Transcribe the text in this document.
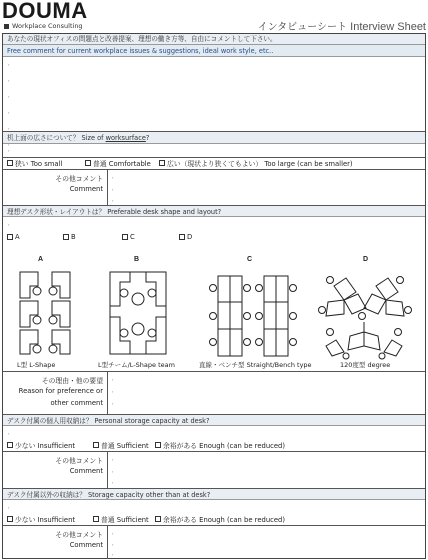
DOUMA
Workplace Consulting	インタビューシート Interview Sheet
あなたの現状オフィスの問題点と改善提案、理想の働き方等、自由にコメントして下さい。
Free comment for current workplace issues & suggestions, ideal work style, etc..
,
,
,
,
,
,
机上面の広さについて？ Size of worksurface?
,
狭い Too small	普通 Comfortable 広い（現状より狭くてもよい） Too large (can be smaller)
その他コメント
Comment
,
,
,
理想デスク形状・レイアウトは？ Preferable desk shape and layout?
,
A	B	C	D
A	B	C	D
L型 L-Shape	L型チーム/L-Shape team	直線・ベンチ型 Straight/Bench type	120度型 degree
その理由・他の要望
Reason for preference or
other comment
,
,
,
デスク付属の個人用収納は？ Personal storage capacity at desk?
,
少ない Insufficient	普通 Sufficient 余裕がある Enough (can be reduced)
その他コメント
Comment
,
,
,
デスク付属以外の収納は？ Storage capacity other than at desk?
,
少ない Insufficient	普通 Sufficient 余裕がある Enough (can be reduced)
その他コメント
Comment
,
,
,
